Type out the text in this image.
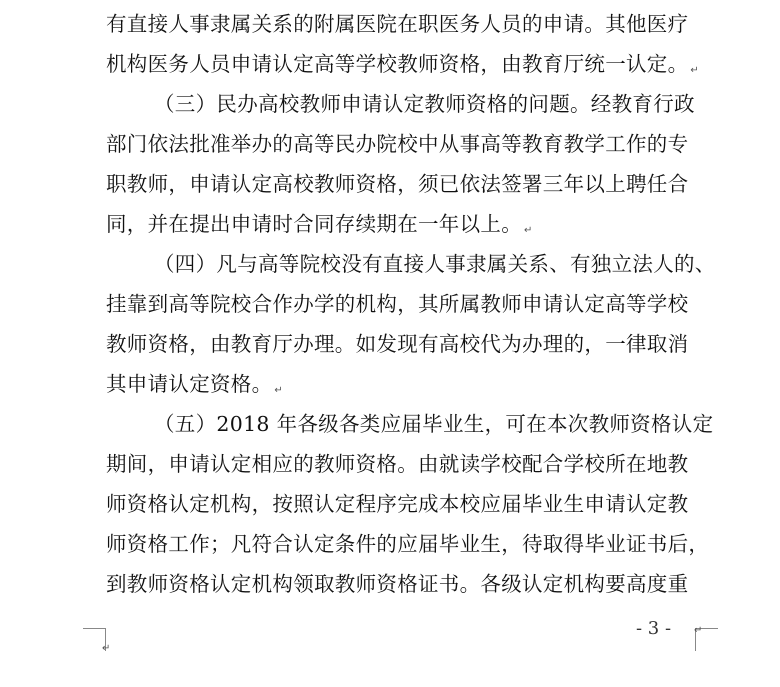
有直接人事隶属关系的附属医院在职医务人员的申请。其他医疗
机构医务人员申请认定高等学校教师资格，由教育厅统一认定。 ↵
（三）民办高校教师申请认定教师资格的问题。经教育行政
部门依法批准举办的高等民办院校中从事高等教育教学工作的专
职教师，申请认定高校教师资格，须已依法签署三年以上聘任合
同，并在提出申请时合同存续期在一年以上。 ↵
（四）凡与高等院校没有直接人事隶属关系、有独立法人的、
挂靠到高等院校合作办学的机构，其所属教师申请认定高等学校
教师资格，由教育厅办理。如发现有高校代为办理的，一律取消
其申请认定资格。 ↵
（五）2018 年各级各类应届毕业生，可在本次教师资格认定
期间，申请认定相应的教师资格。由就读学校配合学校所在地教
师资格认定机构，按照认定程序完成本校应届毕业生申请认定教
师资格工作；凡符合认定条件的应届毕业生，待取得毕业证书后，
到教师资格认定机构领取教师资格证书。各级认定机构要高度重
↵
- 3 - ↵
